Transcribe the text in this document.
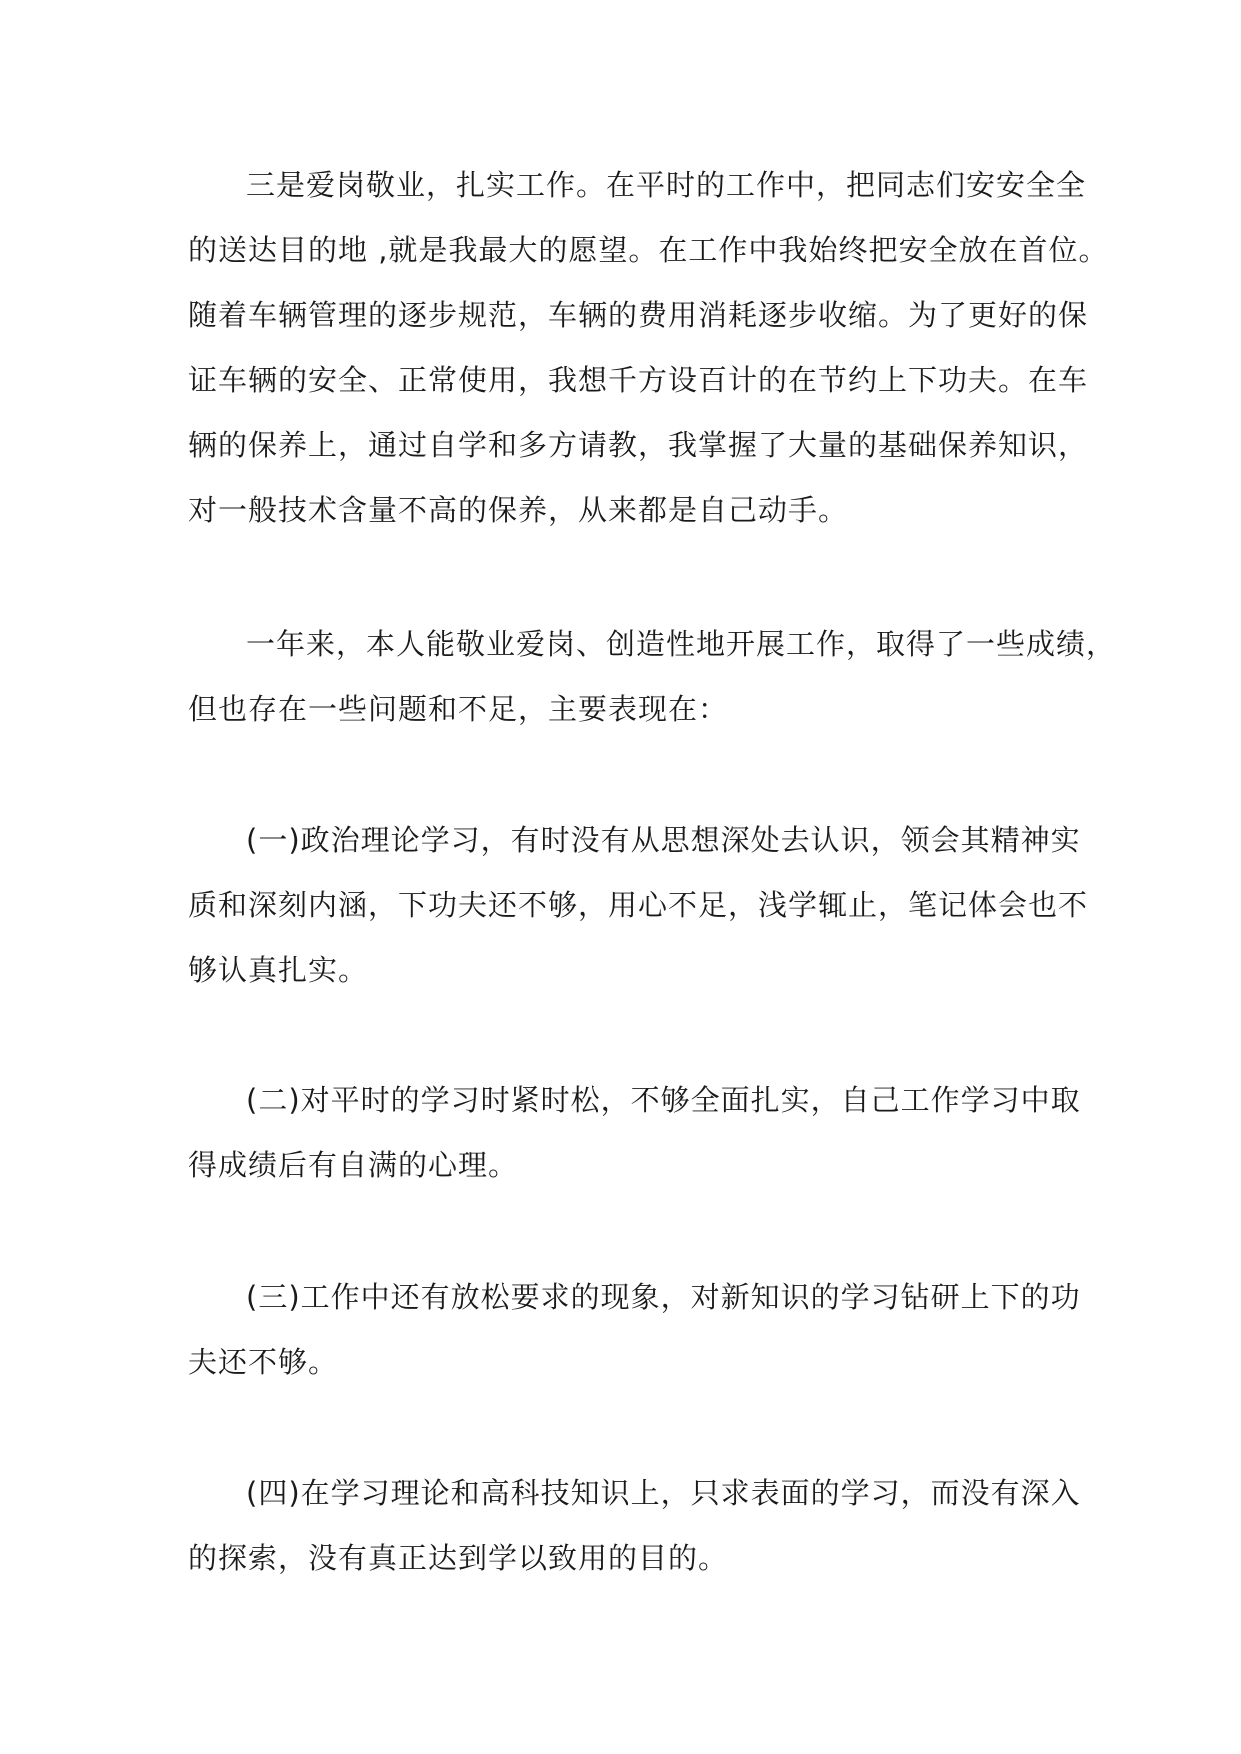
三是爱岗敬业，扎实工作。在平时的工作中，把同志们安安全全
的送达目的地 ,就是我最大的愿望。在工作中我始终把安全放在首位。
随着车辆管理的逐步规范，车辆的费用消耗逐步收缩。为了更好的保
证车辆的安全、正常使用，我想千方设百计的在节约上下功夫。在车
辆的保养上，通过自学和多方请教，我掌握了大量的基础保养知识，
对一般技术含量不高的保养，从来都是自己动手。

一年来，本人能敬业爱岗、创造性地开展工作，取得了一些成绩，
但也存在一些问题和不足，主要表现在：

(一)政治理论学习，有时没有从思想深处去认识，领会其精神实
质和深刻内涵，下功夫还不够，用心不足，浅学辄止，笔记体会也不
够认真扎实。

(二)对平时的学习时紧时松，不够全面扎实，自己工作学习中取
得成绩后有自满的心理。

(三)工作中还有放松要求的现象，对新知识的学习钻研上下的功
夫还不够。

(四)在学习理论和高科技知识上，只求表面的学习，而没有深入
的探索，没有真正达到学以致用的目的。
